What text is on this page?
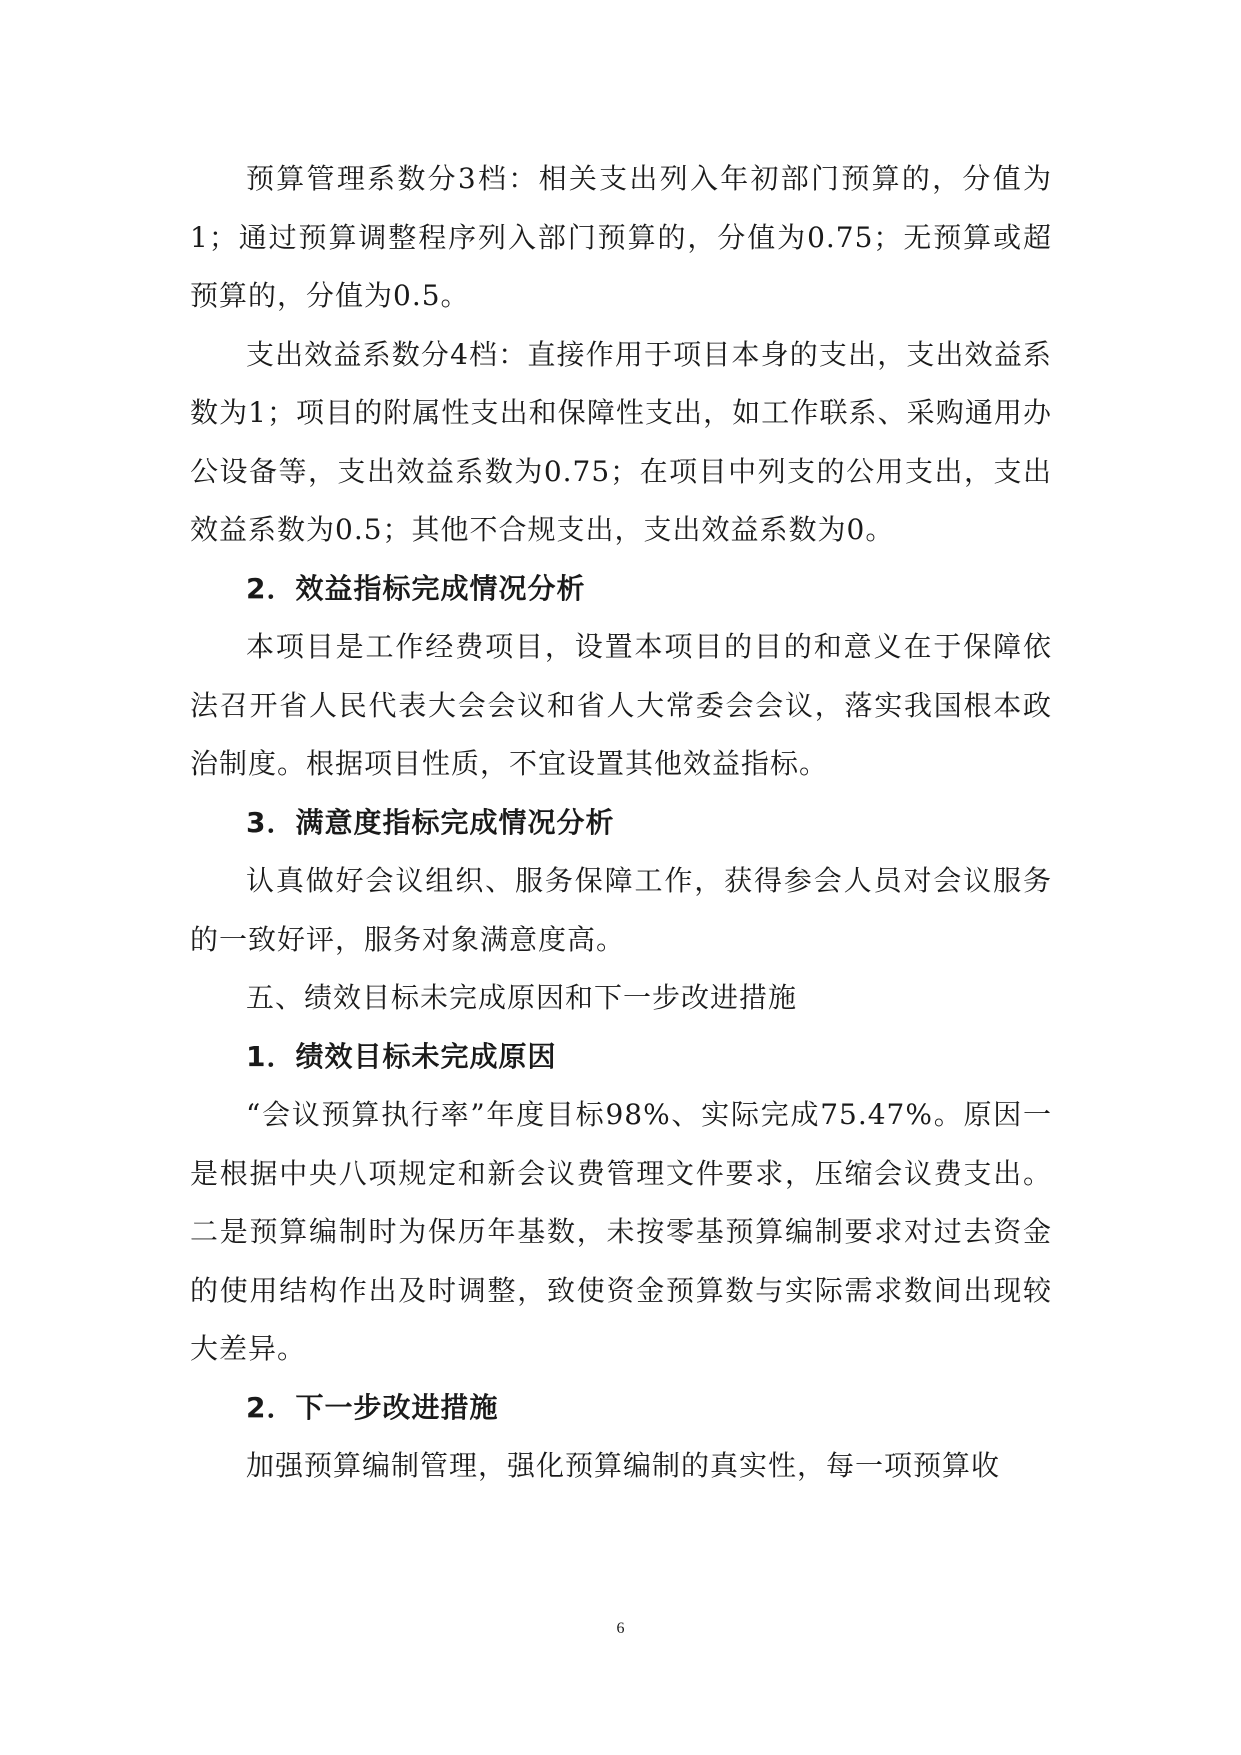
预算管理系数分3档：相关支出列入年初部门预算的，分值为1；通过预算调整程序列入部门预算的，分值为0.75；无预算或超预算的，分值为0.5。

支出效益系数分4档：直接作用于项目本身的支出，支出效益系数为1；项目的附属性支出和保障性支出，如工作联系、采购通用办公设备等，支出效益系数为0.75；在项目中列支的公用支出，支出效益系数为0.5；其他不合规支出，支出效益系数为0。

2．效益指标完成情况分析

本项目是工作经费项目，设置本项目的目的和意义在于保障依法召开省人民代表大会会议和省人大常委会会议，落实我国根本政治制度。根据项目性质，不宜设置其他效益指标。

3．满意度指标完成情况分析

认真做好会议组织、服务保障工作，获得参会人员对会议服务的一致好评，服务对象满意度高。

五、绩效目标未完成原因和下一步改进措施

1．绩效目标未完成原因

“会议预算执行率”年度目标98%、实际完成75.47%。原因一是根据中央八项规定和新会议费管理文件要求，压缩会议费支出。二是预算编制时为保历年基数，未按零基预算编制要求对过去资金的使用结构作出及时调整，致使资金预算数与实际需求数间出现较大差异。

2．下一步改进措施

加强预算编制管理，强化预算编制的真实性，每一项预算收

6
